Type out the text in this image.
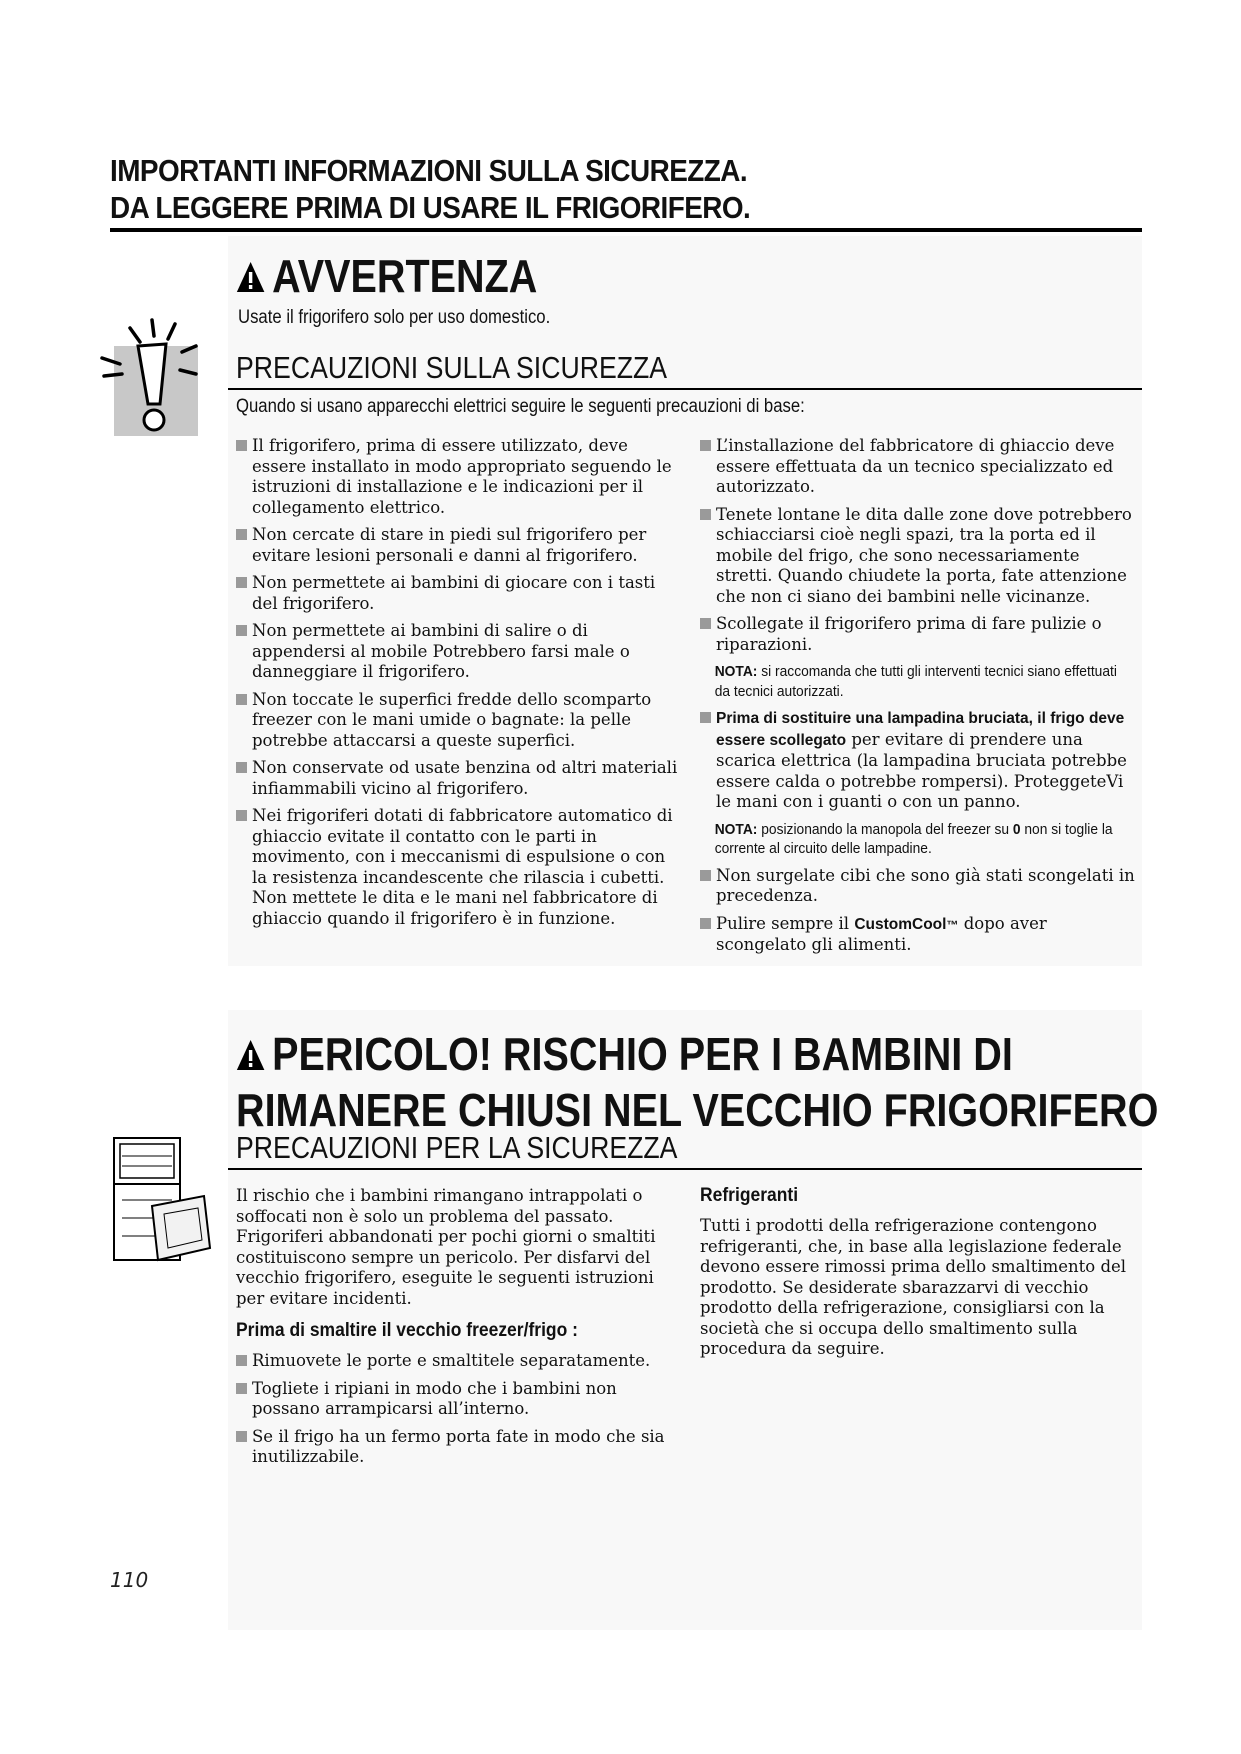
IMPORTANTI INFORMAZIONI SULLA SICUREZZA.
DA LEGGERE PRIMA DI USARE IL FRIGORIFERO.
AVVERTENZA
Usate il frigorifero solo per uso domestico.
PRECAUZIONI SULLA SICUREZZA
Quando si usano apparecchi elettrici seguire le seguenti precauzioni di base:
Il frigorifero, prima di essere utilizzato, deve essere installato in modo appropriato seguendo le istruzioni di installazione e le indicazioni per il collegamento elettrico.
Non cercate di stare in piedi sul frigorifero per evitare lesioni personali e danni al frigorifero.
Non permettete ai bambini di giocare con i tasti del frigorifero.
Non permettete ai bambini di salire o di appendersi al mobile Potrebbero farsi male o danneggiare il frigorifero.
Non toccate le superfici fredde dello scomparto freezer con le mani umide o bagnate: la pelle potrebbe attaccarsi a queste superfici.
Non conservate od usate benzina od altri materiali infiammabili vicino al frigorifero.
Nei frigoriferi dotati di fabbricatore automatico di ghiaccio evitate il contatto con le parti in movimento, con i meccanismi di espulsione o con la resistenza incandescente che rilascia i cubetti. Non mettete le dita e le mani nel fabbricatore di ghiaccio quando il frigorifero è in funzione.
L’installazione del fabbricatore di ghiaccio deve essere effettuata da un tecnico specializzato ed autorizzato.
Tenete lontane le dita dalle zone dove potrebbero schiacciarsi cioè negli spazi, tra la porta ed il mobile del frigo, che sono necessariamente stretti. Quando chiudete la porta, fate attenzione che non ci siano dei bambini nelle vicinanze.
Scollegate il frigorifero prima di fare pulizie o riparazioni.
NOTA: si raccomanda che tutti gli interventi tecnici siano effettuati da tecnici autorizzati.
Prima di sostituire una lampadina bruciata, il frigo deve essere scollegato per evitare di prendere una scarica elettrica (la lampadina bruciata potrebbe essere calda o potrebbe rompersi). ProteggeteVi le mani con i guanti o con un panno.
NOTA: posizionando la manopola del freezer su 0 non si toglie la corrente al circuito delle lampadine.
Non surgelate cibi che sono già stati scongelati in precedenza.
Pulire sempre il CustomCool™ dopo aver scongelato gli alimenti.
PERICOLO! RISCHIO PER I BAMBINI DI
RIMANERE CHIUSI NEL VECCHIO FRIGORIFERO
PRECAUZIONI PER LA SICUREZZA
Il rischio che i bambini rimangano intrappolati o soffocati non è solo un problema del passato. Frigoriferi abbandonati per pochi giorni o smaltiti costituiscono sempre un pericolo. Per disfarvi del vecchio frigorifero, eseguite le seguenti istruzioni per evitare incidenti.
Prima di smaltire il vecchio freezer/frigo :
Rimuovete le porte e smaltitele separatamente.
Togliete i ripiani in modo che i bambini non possano arrampicarsi all’interno.
Se il frigo ha un fermo porta fate in modo che sia inutilizzabile.
Refrigeranti
Tutti i prodotti della refrigerazione contengono refrigeranti, che, in base alla legislazione federale devono essere rimossi prima dello smaltimento del prodotto. Se desiderate sbarazzarvi di vecchio prodotto della refrigerazione, consigliarsi con la società che si occupa dello smaltimento sulla procedura da seguire.
110
